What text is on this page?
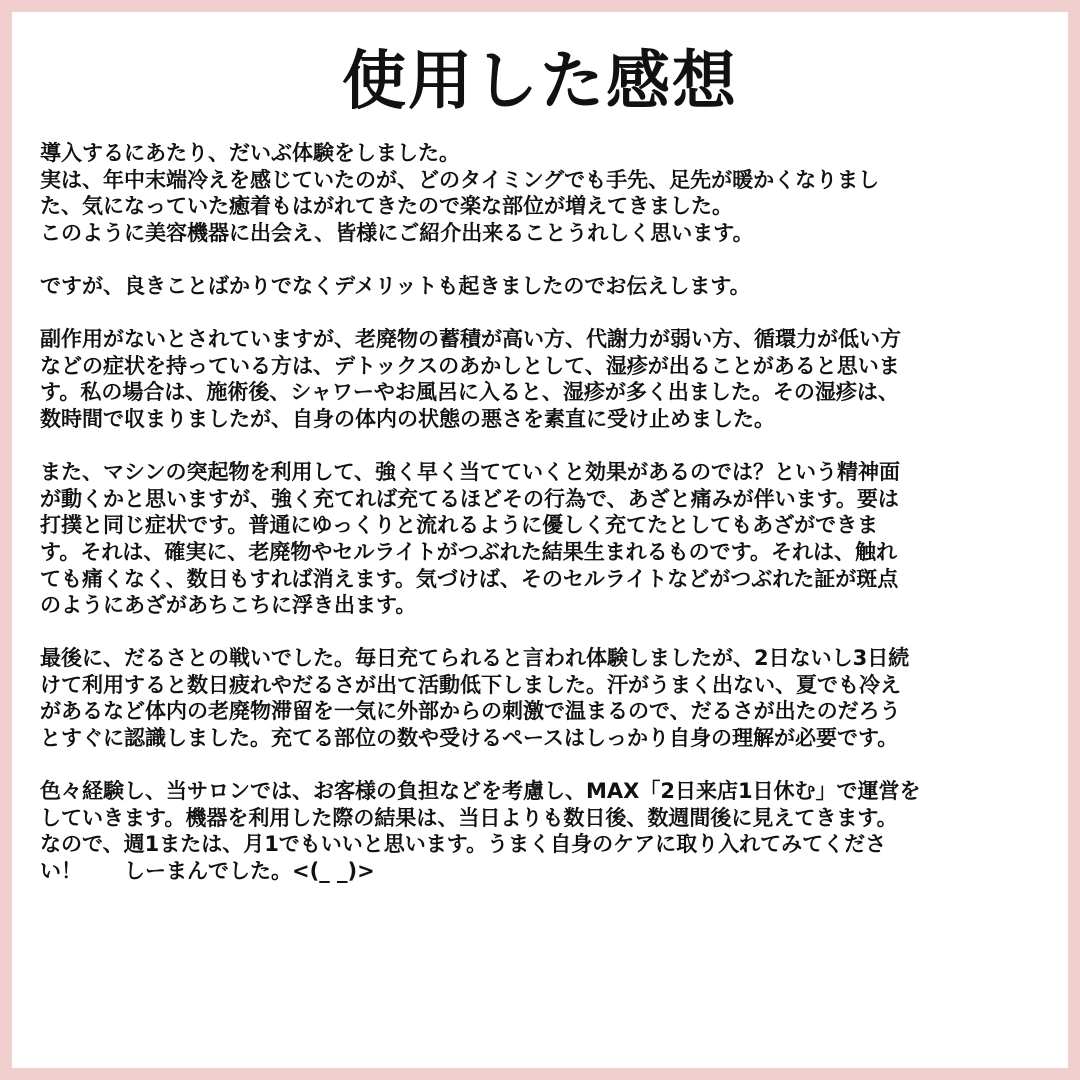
使用した感想
導入するにあたり、だいぶ体験をしました。
実は、年中末端冷えを感じていたのが、どのタイミングでも手先、足先が暖かくなりまし
た、気になっていた癒着もはがれてきたので楽な部位が増えてきました。
このように美容機器に出会え、皆様にご紹介出来ることうれしく思います。
ですが、良きことばかりでなくデメリットも起きましたのでお伝えします。
副作用がないとされていますが、老廃物の蓄積が高い方、代謝力が弱い方、循環力が低い方
などの症状を持っている方は、デトックスのあかしとして、湿疹が出ることがあると思いま
す。私の場合は、施術後、シャワーやお風呂に入ると、湿疹が多く出ました。その湿疹は、
数時間で収まりましたが、自身の体内の状態の悪さを素直に受け止めました。
また、マシンの突起物を利用して、強く早く当てていくと効果があるのでは？という精神面
が動くかと思いますが、強く充てれば充てるほどその行為で、あざと痛みが伴います。要は
打撲と同じ症状です。普通にゆっくりと流れるように優しく充てたとしてもあざができま
す。それは、確実に、老廃物やセルライトがつぶれた結果生まれるものです。それは、触れ
ても痛くなく、数日もすれば消えます。気づけば、そのセルライトなどがつぶれた証が斑点
のようにあざがあちこちに浮き出ます。
最後に、だるさとの戦いでした。毎日充てられると言われ体験しましたが、2日ないし3日続
けて利用すると数日疲れやだるさが出て活動低下しました。汗がうまく出ない、夏でも冷え
があるなど体内の老廃物滞留を一気に外部からの刺激で温まるので、だるさが出たのだろう
とすぐに認識しました。充てる部位の数や受けるペースはしっかり自身の理解が必要です。
色々経験し、当サロンでは、お客様の負担などを考慮し、MAX「2日来店1日休む」で運営を
していきます。機器を利用した際の結果は、当日よりも数日後、数週間後に見えてきます。
なので、週1または、月1でもいいと思います。うまく自身のケアに取り入れてみてくださ
い！　　しーまんでした。<(_ _)>
